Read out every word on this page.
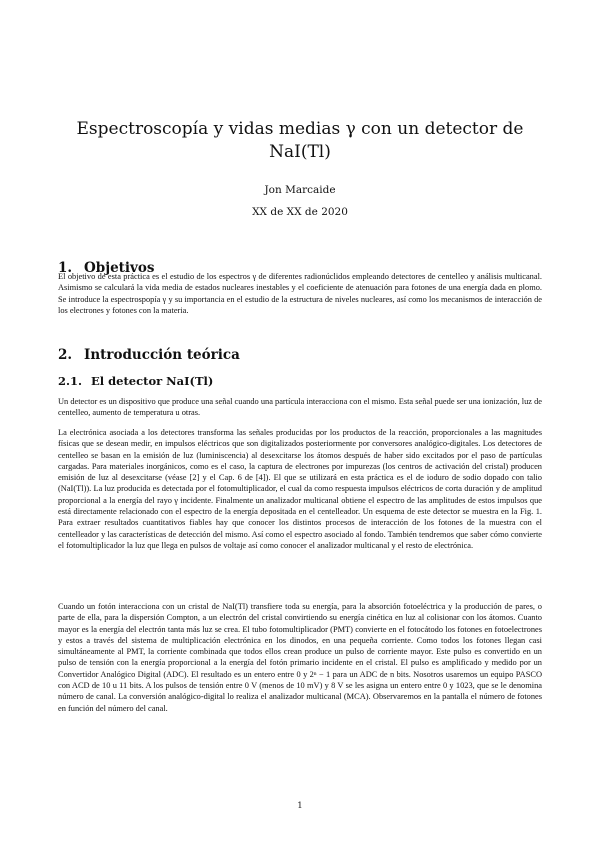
Espectroscopía y vidas medias γ con un detector de NaI(Tl)
Jon Marcaide
XX de XX de 2020
1. Objetivos

El objetivo de esta práctica es el estudio de los espectros γ de diferentes radionúclidos empleando detectores de centelleo y análisis multicanal. Asimismo se calculará la vida media de estados nucleares inestables y el coeficiente de atenuación para fotones de una energía dada en plomo. Se introduce la espectrospopía γ y su importancia en el estudio de la estructura de niveles nucleares, así como los mecanismos de interacción de los electrones y fotones con la materia.

2. Introducción teórica
2.1. El detector NaI(Tl)

Un detector es un dispositivo que produce una señal cuando una partícula interacciona con el mismo. Esta señal puede ser una ionización, luz de centelleo, aumento de temperatura u otras.

La electrónica asociada a los detectores transforma las señales producidas por los productos de la reacción, proporcionales a las magnitudes físicas que se desean medir, en impulsos eléctricos que son digitalizados posteriormente por conversores analógico-digitales. Los detectores de centelleo se basan en la emisión de luz (luminiscencia) al desexcitarse los átomos después de haber sido excitados por el paso de partículas cargadas. Para materiales inorgánicos, como es el caso, la captura de electrones por impurezas (los centros de activación del cristal) producen emisión de luz al desexcitarse (véase [2] y el Cap. 6 de [4]). El que se utilizará en esta práctica es el de ioduro de sodio dopado con talio (NaI(Tl)). La luz producida es detectada por el fotomultiplicador, el cual da como respuesta impulsos eléctricos de corta duración y de amplitud proporcional a la energía del rayo γ incidente. Finalmente un analizador multicanal obtiene el espectro de las amplitudes de estos impulsos que está directamente relacionado con el espectro de la energía depositada en el centelleador. Un esquema de este detector se muestra en la Fig. 1. Para extraer resultados cuantitativos fiables hay que conocer los distintos procesos de interacción de los fotones de la muestra con el centelleador y las características de detección del mismo. Así como el espectro asociado al fondo. También tendremos que saber cómo convierte el fotomultiplicador la luz que llega en pulsos de voltaje así como conocer el analizador multicanal y el resto de electrónica.

Cuando un fotón interacciona con un cristal de NaI(Tl) transfiere toda su energía, para la absorción fotoeléctrica y la producción de pares, o parte de ella, para la dispersión Compton, a un electrón del cristal convirtiendo su energía cinética en luz al colisionar con los átomos. Cuanto mayor es la energía del electrón tanta más luz se crea. El tubo fotomultiplicador (PMT) convierte en el fotocátodo los fotones en fotoelectrones y estos a través del sistema de multiplicación electrónica en los dinodos, en una pequeña corriente. Como todos los fotones llegan casi simultáneamente al PMT, la corriente combinada que todos ellos crean produce un pulso de corriente mayor. Este pulso es convertido en un pulso de tensión con la energía proporcional a la energía del fotón primario incidente en el cristal. El pulso es amplificado y medido por un Convertidor Analógico Digital (ADC). El resultado es un entero entre 0 y 2ⁿ − 1 para un ADC de n bits. Nosotros usaremos un equipo PASCO con ACD de 10 u 11 bits. A los pulsos de tensión entre 0 V (menos de 10 mV) y 8 V se les asigna un entero entre 0 y 1023, que se le denomina número de canal. La conversión analógico-digital lo realiza el analizador multicanal (MCA). Observaremos en la pantalla el número de fotones en función del número del canal.

1
